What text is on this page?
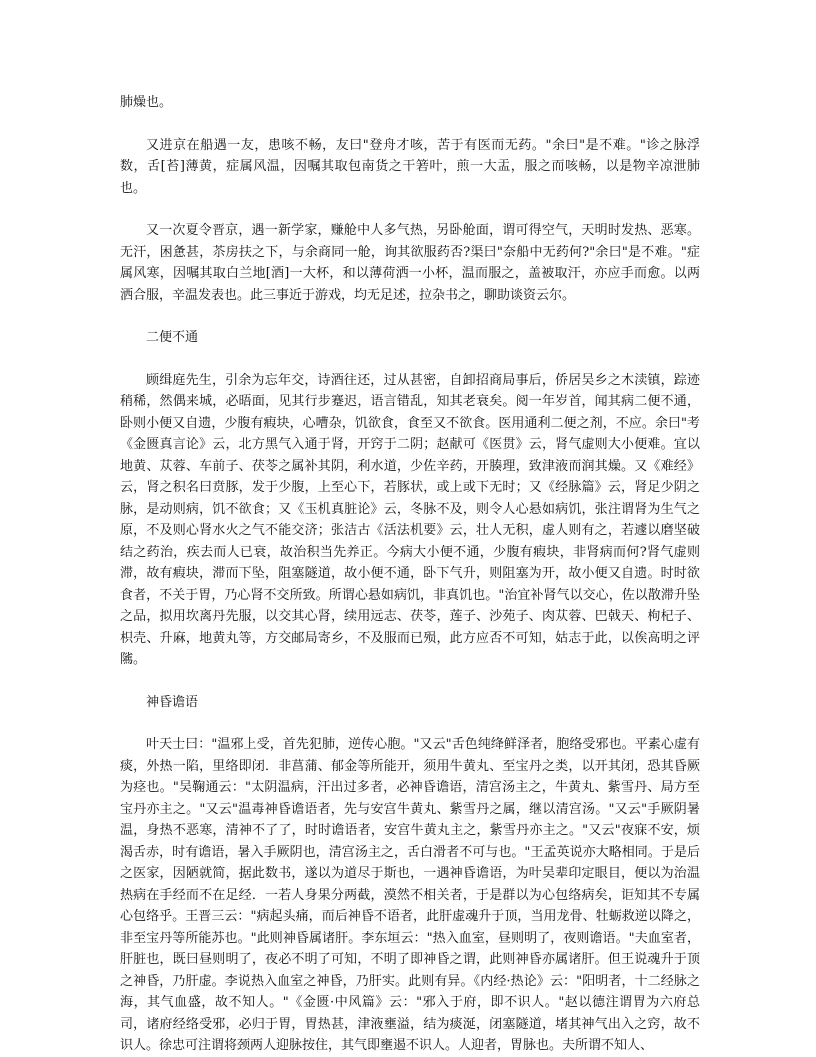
肺燥也。

又进京在船遇一友，患咳不畅，友曰"登舟才咳，苦于有医而无药。"余曰"是不难。"诊之脉浮数，舌[苔]薄黄，症属风温，因嘱其取包南货之干箬叶，煎一大盂，服之而咳畅，以是物辛凉泄肺也。

又一次夏令晋京，遇一新学家，赚舱中人多气热，另卧舱面，谓可得空气，天明时发热、恶寒。无汗，困惫甚，苶房扶之下，与余商同一舱，询其欲服药否?渠曰"奈船中无药何?"余曰"是不难。"症属风寒，因嘱其取白兰地[酒]一大杯，和以薄荷洒一小杯，温而服之，盖被取汗，亦应手而愈。以两洒合服，辛温发表也。此三事近于游戏，均无足述，拉杂书之，聊助谈资云尔。

二便不通

顾缉庭先生，引余为忘年交，诗酒往还，过从甚密，自卸招商局事后，侨居吴乡之木渎镇，踪迹稍稀，然偶来城，必晤面，见其行步蹇迟，语言错乱，知其老衰矣。阅一年岁首，闻其病二便不通，卧则小便又自遗，少腹有瘕块，心嘈杂，饥欲食，食至又不欲食。医用通利二便之剂，不应。余曰"考《金匮真言论》云，北方黑气入通于肾，开窍于二阴；赵献可《医贯》云，肾气虚则大小便难。宜以地黄、苁蓉、车前子、茯苓之属补其阴，利水道，少佐辛药，开腠理，致津液而润其燥。又《难经》云，肾之积名曰贲豚，发于少腹，上至心下，若豚状，或上或下无时；又《经脉篇》云，肾足少阴之脉，是动则病，饥不欲食；又《玉机真脏论》云，冬脉不及，则令人心悬如病饥，张注谓肾为生气之原，不及则心肾水火之气不能交济；张洁古《活法机要》云，壮人无积，虚人则有之，若遽以磨坚破结之药治，疾去而人已衰，故治积当先养正。今病大小便不通，少腹有瘕块，非肾病而何?肾气虚则滞，故有瘕块，滞而下坠，阻塞隧道，故小便不通，卧下气升，则阻塞为开，故小便又自遗。时时欲食者，不关于胃，乃心肾不交所致。所谓心悬如病饥，非真饥也。"治宜补肾气以交心，佐以散滞升坠之品，拟用坎离丹先服，以交其心肾，续用远志、茯苓，莲子、沙苑子、肉苁蓉、巴戟天、枸杞子、枳壳、升麻，地黄丸等，方交邮局寄乡，不及服而已殒，此方应否不可知，姑志于此，以俟高明之评隲。

神昏谵语

叶天士曰："温邪上受，首先犯肺，逆传心胞。"又云"舌色纯绛鲜泽者，胞络受邪也。平素心虚有痰，外热一陷，里络即闭．非菖蒲、郁金等所能开，须用牛黄丸、至宝丹之类，以开其闭，恐其昏厥为痉也。"吴鞠通云："太阴温病，汗出过多者，必神昏谵语，清宫汤主之，牛黄丸、紫雪丹、局方至宝丹亦主之。"又云"温毒神昏谵语者，先与安宫牛黄丸、紫雪丹之属，继以清宫汤。"又云"手厥阴暑温，身热不恶寒，清神不了了，时时谵语者，安宫牛黄丸主之，紫雪丹亦主之。"又云"夜寐不安，烦渴舌赤，时有谵语，暑入手厥阴也，清宫汤主之，舌白滑者不可与也。"王孟英说亦大略相同。于是后之医家，因陋就简，据此数书，遂以为道尽于斯也，一遇神昏谵语，为叶吴辈印定眼目，便以为治温热病在手经而不在足经．一若人身果分两截，漠然不相关者，于是群以为心包络病矣，讵知其不专属心包络乎。王晋三云："病起头痛，而后神昏不语者，此肝虚魂升于顶，当用龙骨、牡蛎救逆以降之，非至宝丹等所能苏也。"此则神昏属诸肝。李东垣云："热入血室，昼则明了，夜则谵语。"夫血室者，肝脏也，既曰昼则明了，夜必不明了可知，不明了即神昏之谓，此则神昏亦属诸肝。但王说魂升于顶之神昏，乃肝虚。李说热入血室之神昏，乃肝实。此则有异。《内经·热论》云："阳明者，十二经脉之海，其气血盛，故不知人。"《金匮·中风篇》云："邪入于府，即不识人。"赵以德注谓胃为六府总司，诸府经络受邪，必归于胃，胃热甚，津液壅溢，结为痰涎，闭塞隧道，堵其神气出入之窍，故不识人。徐忠可注谓将颈两人迎脉按住，其气即壅遏不识人。人迎者，胃脉也。夫所谓不知人、
